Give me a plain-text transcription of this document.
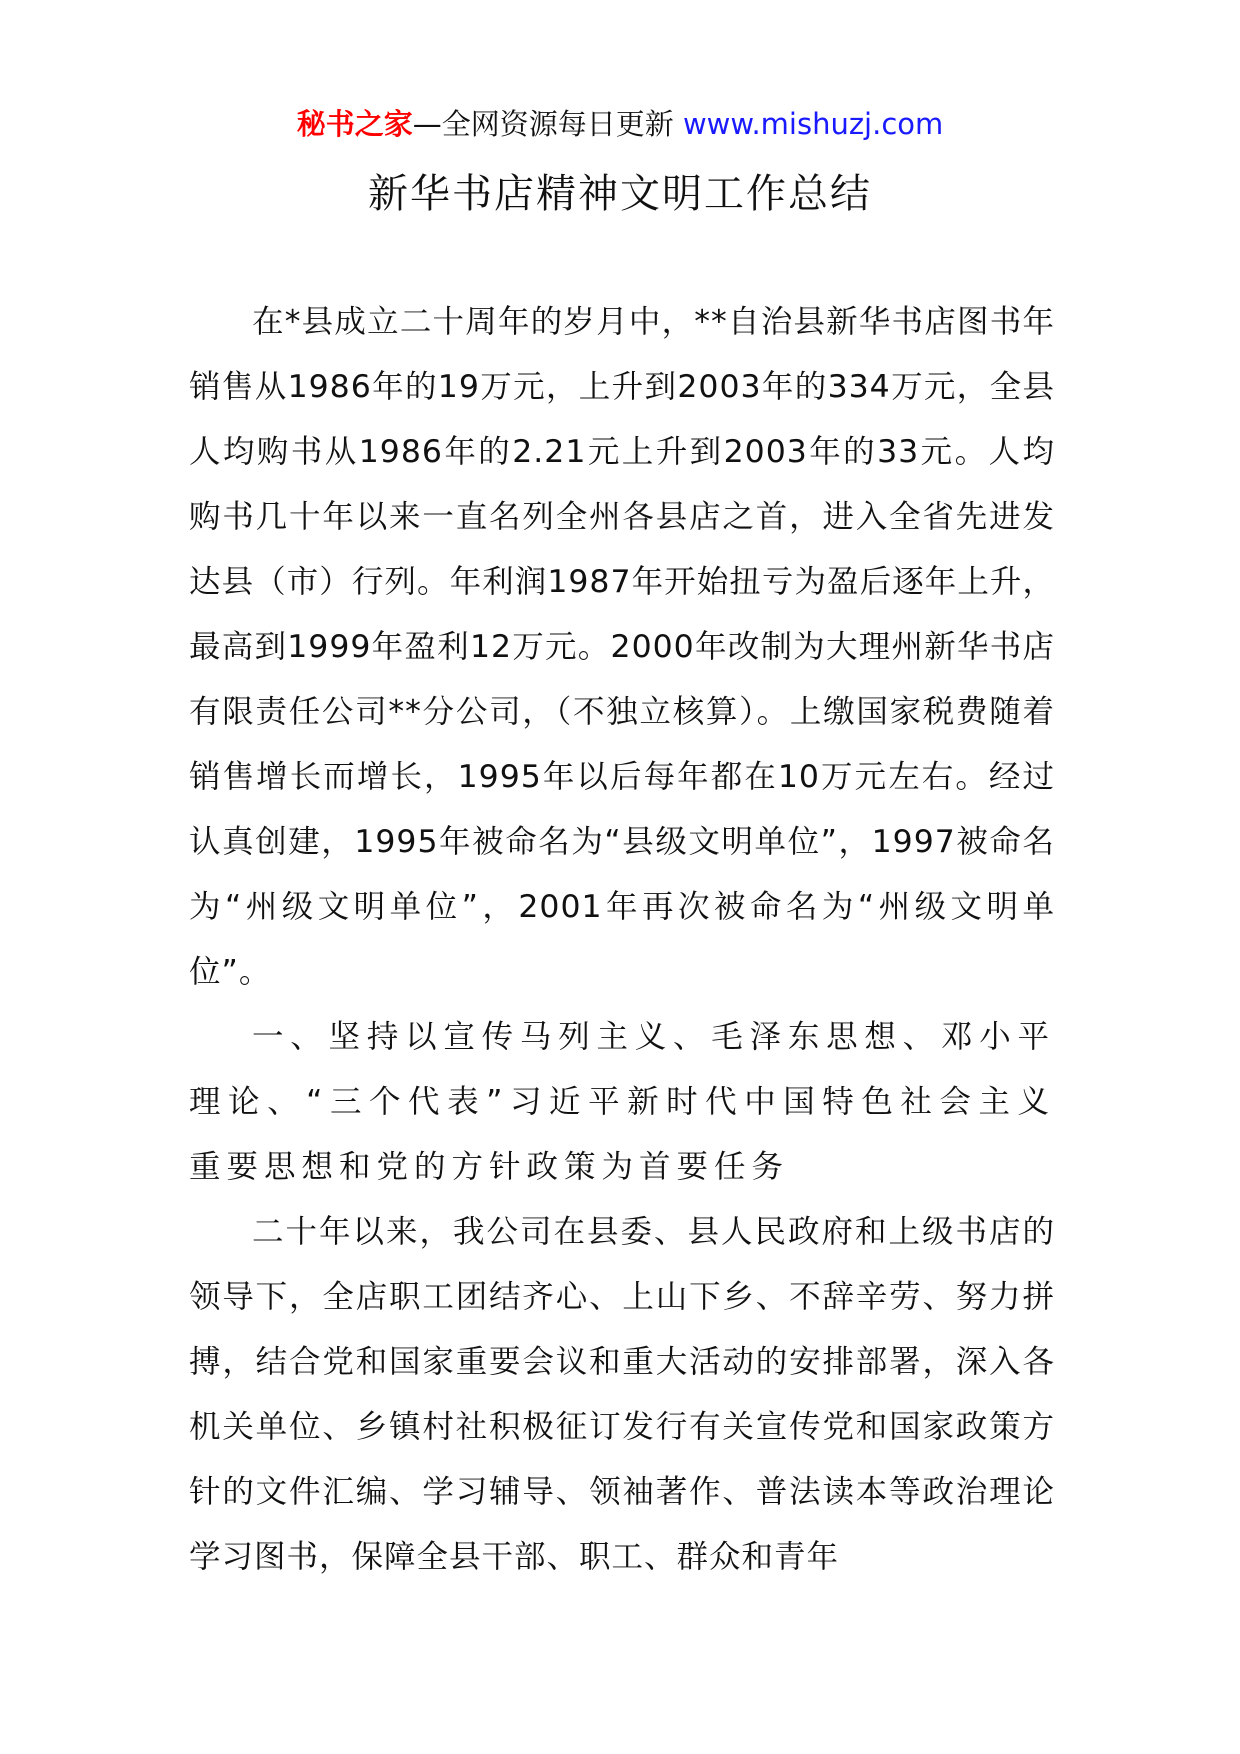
秘书之家—全网资源每日更新 www.mishuzj.com
新华书店精神文明工作总结

在*县成立二十周年的岁月中，**自治县新华书店图书年销售从1986年的19万元，上升到2003年的334万元，全县人均购书从1986年的2.21元上升到2003年的33元。人均购书几十年以来一直名列全州各县店之首，进入全省先进发达县（市）行列。年利润1987年开始扭亏为盈后逐年上升，最高到1999年盈利12万元。2000年改制为大理州新华书店有限责任公司**分公司，（不独立核算）。上缴国家税费随着销售增长而增长，1995年以后每年都在10万元左右。经过认真创建，1995年被命名为“县级文明单位”，1997被命名为“州级文明单位”，2001年再次被命名为“州级文明单位”。

一、坚持以宣传马列主义、毛泽东思想、邓小平理论、“三个代表”习近平新时代中国特色社会主义重要思想和党的方针政策为首要任务

二十年以来，我公司在县委、县人民政府和上级书店的领导下，全店职工团结齐心、上山下乡、不辞辛劳、努力拼搏，结合党和国家重要会议和重大活动的安排部署，深入各机关单位、乡镇村社积极征订发行有关宣传党和国家政策方针的文件汇编、学习辅导、领袖著作、普法读本等政治理论学习图书，保障全县干部、职工、群众和青年
